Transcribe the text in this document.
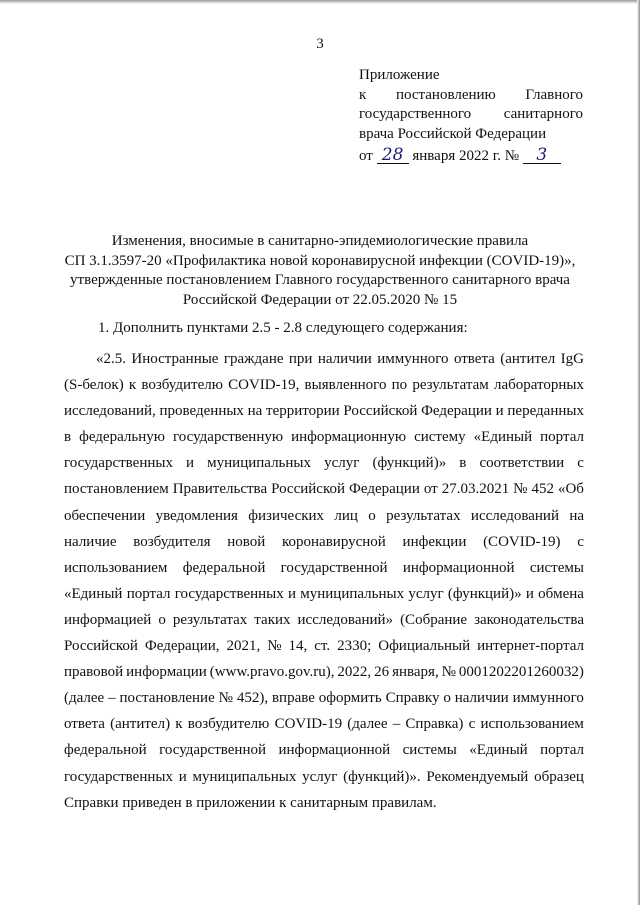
3
Приложение
к постановлению Главного
государственного санитарного
врача Российской Федерации
от 28 января 2022 г. № 3
Изменения, вносимые в санитарно-эпидемиологические правила
СП 3.1.3597-20 «Профилактика новой коронавирусной инфекции (COVID-19)»,
утвержденные постановлением Главного государственного санитарного врача
Российской Федерации от 22.05.2020 № 15
1. Дополнить пунктами 2.5 - 2.8 следующего содержания:
«2.5. Иностранные граждане при наличии иммунного ответа (антител IgG
(S-белок) к возбудителю COVID-19, выявленного по результатам лабораторных
исследований, проведенных на территории Российской Федерации и переданных
в федеральную государственную информационную систему «Единый портал
государственных и муниципальных услуг (функций)» в соответствии с
постановлением Правительства Российской Федерации от 27.03.2021 № 452 «Об
обеспечении уведомления физических лиц о результатах исследований на
наличие возбудителя новой коронавирусной инфекции (COVID-19) с
использованием федеральной государственной информационной системы
«Единый портал государственных и муниципальных услуг (функций)» и обмена
информацией о результатах таких исследований» (Собрание законодательства
Российской Федерации, 2021, № 14, ст. 2330; Официальный интернет-портал
правовой информации (www.pravo.gov.ru), 2022, 26 января, № 0001202201260032)
(далее – постановление № 452), вправе оформить Справку о наличии иммунного
ответа (антител) к возбудителю COVID-19 (далее – Справка) с использованием
федеральной государственной информационной системы «Единый портал
государственных и муниципальных услуг (функций)». Рекомендуемый образец
Справки приведен в приложении к санитарным правилам.
